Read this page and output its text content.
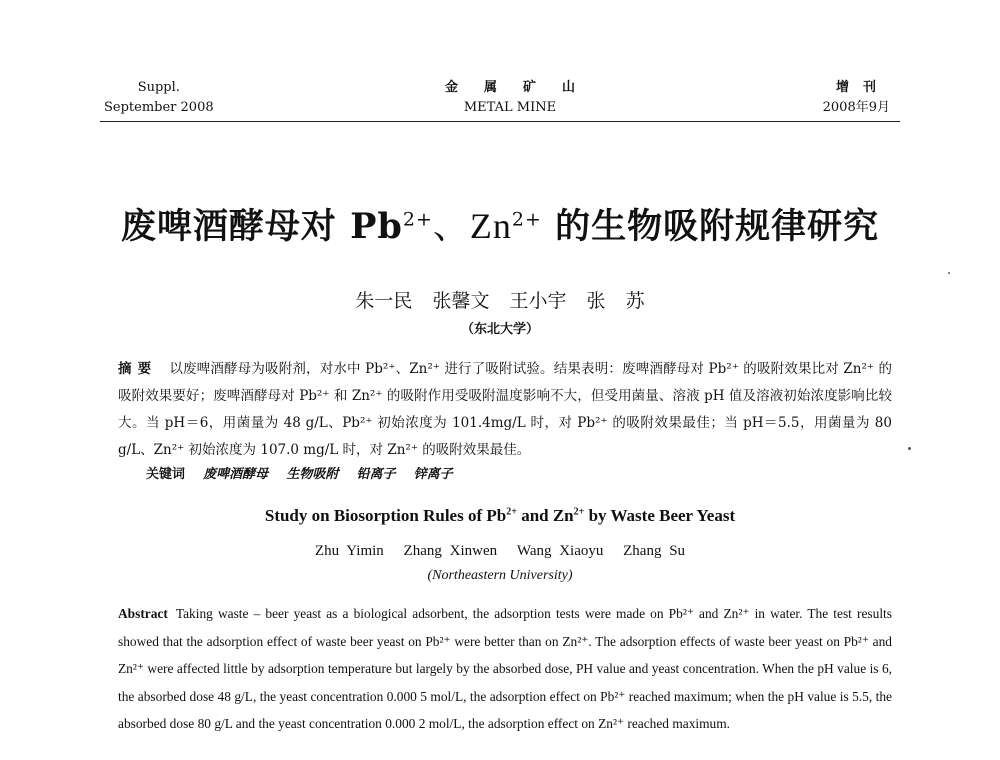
Suppl.
September 2008
金属矿山
METAL MINE
增刊
2008年9月
废啤酒酵母对 $Pb^{2+}$、$Zn^{2+}$ 的生物吸附规律研究
朱一民 张馨文 王小宇 张 苏
（东北大学）
摘要 以废啤酒酵母为吸附剂，对水中 Pb²⁺、Zn²⁺ 进行了吸附试验。结果表明：废啤酒酵母对 Pb²⁺ 的吸附效果比对 Zn²⁺ 的吸附效果要好；废啤酒酵母对 Pb²⁺ 和 Zn²⁺ 的吸附作用受吸附温度影响不大，但受用菌量、溶液 pH 值及溶液初始浓度影响比较大。当 pH＝6，用菌量为 48 g/L、Pb²⁺ 初始浓度为 101.4mg/L 时，对 Pb²⁺ 的吸附效果最佳；当 pH＝5.5，用菌量为 80 g/L、Zn²⁺ 初始浓度为 107.0 mg/L 时，对 Zn²⁺ 的吸附效果最佳。
关键词 废啤酒酵母 生物吸附 铅离子 锌离子
Study on Biosorption Rules of $Pb^{2+}$ and $Zn^{2+}$ by Waste Beer Yeast
Zhu Yimin Zhang Xinwen Wang Xiaoyu Zhang Su
(Northeastern University)
Abstract Taking waste – beer yeast as a biological adsorbent, the adsorption tests were made on Pb²⁺ and Zn²⁺ in water. The test results showed that the adsorption effect of waste beer yeast on Pb²⁺ were better than on Zn²⁺. The adsorption effects of waste beer yeast on Pb²⁺ and Zn²⁺ were affected little by adsorption temperature but largely by the absorbed dose, PH value and yeast concentration. When the pH value is 6, the absorbed dose 48 g/L, the yeast concentration 0.000 5 mol/L, the adsorption effect on Pb²⁺ reached maximum; when the pH value is 5.5, the absorbed dose 80 g/L and the yeast concentration 0.000 2 mol/L, the adsorption effect on Zn²⁺ reached maximum.
